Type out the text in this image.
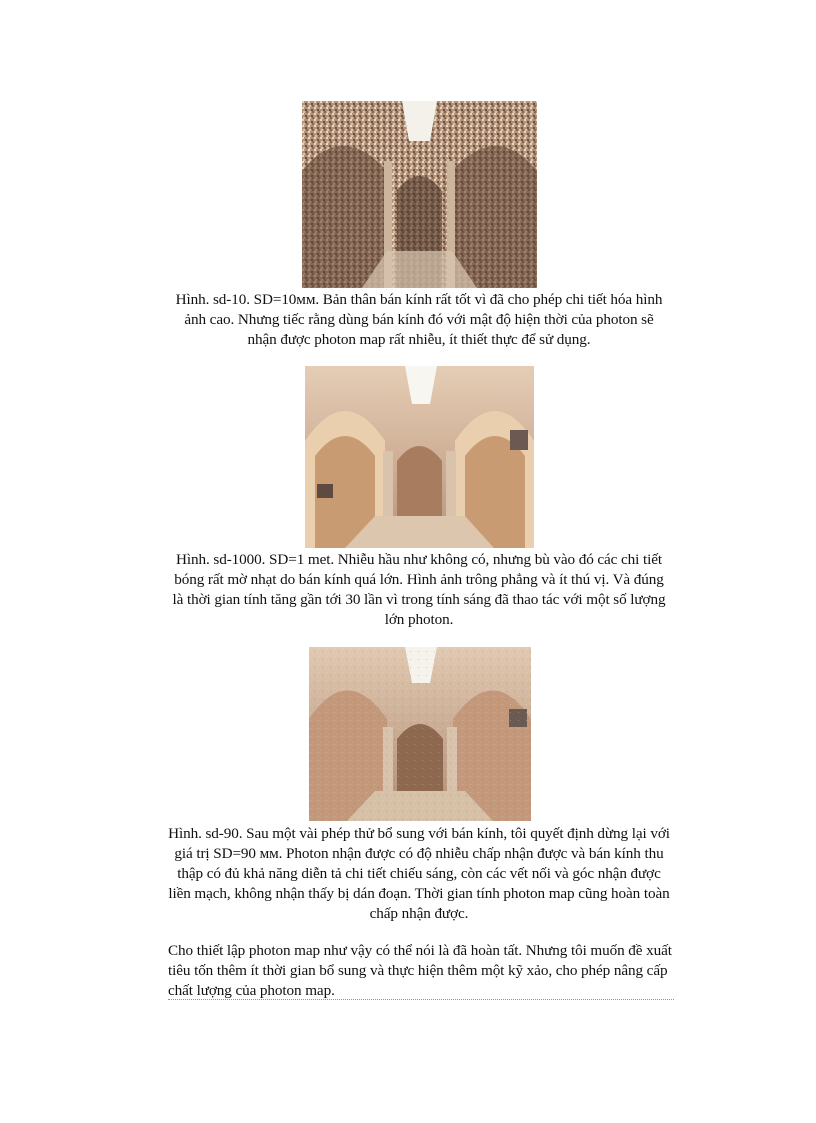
Hình. sd-10. SD=10мм. Bản thân bán kính rất tốt vì đã cho phép chi tiết hóa hình ảnh cao. Nhưng tiếc rằng dùng bán kính đó với mật độ hiện thời của photon sẽ nhận được photon map rất nhiễu, ít thiết thực để sử dụng.
Hình. sd-1000. SD=1 met. Nhiễu hầu như không có, nhưng bù vào đó các chi tiết bóng rất mờ nhạt do bán kính quá lớn. Hình ảnh trông phẳng và ít thú vị. Và đúng là thời gian tính tăng gần tới 30 lần vì trong tính sáng đã thao tác với một số lượng lớn photon.
Hình. sd-90. Sau một vài phép thử bổ sung với bán kính, tôi quyết định dừng lại với giá trị SD=90 мм. Photon nhận được có độ nhiễu chấp nhận được và bán kính thu thập có đủ khả năng diễn tả chi tiết chiếu sáng, còn các vết nối và góc nhận được liền mạch, không nhận thấy bị dán đoạn. Thời gian tính photon map cũng hoàn toàn chấp nhận được.
Cho thiết lập photon map như vậy có thể nói là đã hoàn tất. Nhưng tôi muốn đề xuất tiêu tốn thêm ít thời gian bổ sung và thực hiện thêm một kỹ xảo, cho phép nâng cấp chất lượng của photon map.
